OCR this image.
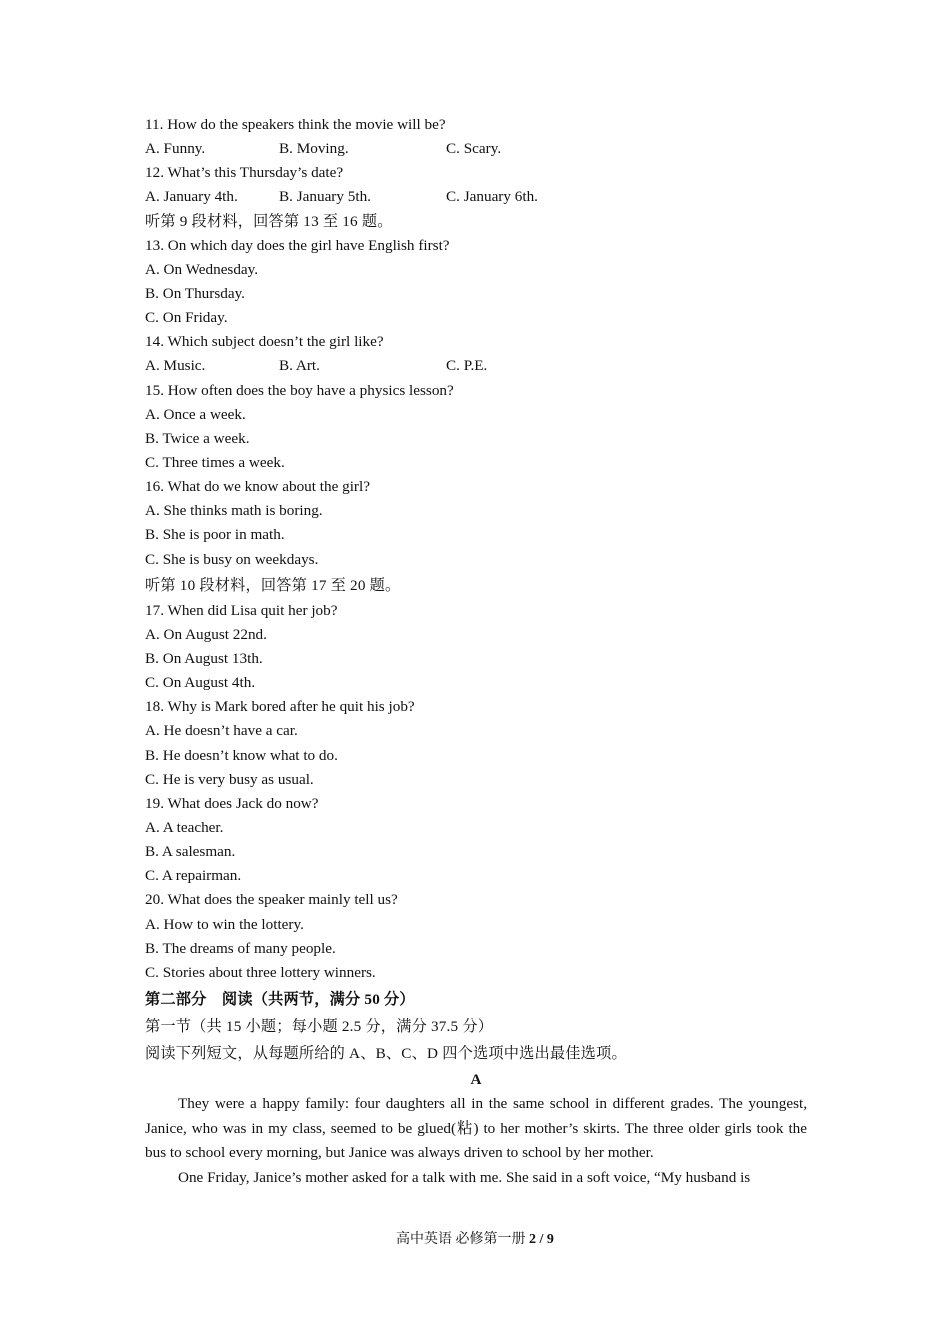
11. How do the speakers think the movie will be?
A. Funny.	B. Moving.	C. Scary.
12. What’s this Thursday’s date?
A. January 4th.	B. January 5th.	C. January 6th.
听第 9 段材料，回答第 13 至 16 题。
13. On which day does the girl have English first?
A. On Wednesday.
B. On Thursday.
C. On Friday.
14. Which subject doesn’t the girl like?
A. Music.	B. Art.	C. P.E.
15. How often does the boy have a physics lesson?
A. Once a week.
B. Twice a week.
C. Three times a week.
16. What do we know about the girl?
A. She thinks math is boring.
B. She is poor in math.
C. She is busy on weekdays.
听第 10 段材料，回答第 17 至 20 题。
17. When did Lisa quit her job?
A. On August 22nd.
B. On August 13th.
C. On August 4th.
18. Why is Mark bored after he quit his job?
A. He doesn’t have a car.
B. He doesn’t know what to do.
C. He is very busy as usual.
19. What does Jack do now?
A. A teacher.
B. A salesman.
C. A repairman.
20. What does the speaker mainly tell us?
A. How to win the lottery.
B. The dreams of many people.
C. Stories about three lottery winners.
第二部分　阅读（共两节，满分 50 分）
第一节（共 15 小题；每小题 2.5 分，满分 37.5 分）
阅读下列短文，从每题所给的 A、B、C、D 四个选项中选出最佳选项。
A

They were a happy family: four daughters all in the same school in different grades. The youngest, Janice, who was in my class, seemed to be glued(粘) to her mother’s skirts. The three older girls took the bus to school every morning, but Janice was always driven to school by her mother.

One Friday, Janice’s mother asked for a talk with me. She said in a soft voice, “My husband is

高中英语 必修第一册 2 / 9
